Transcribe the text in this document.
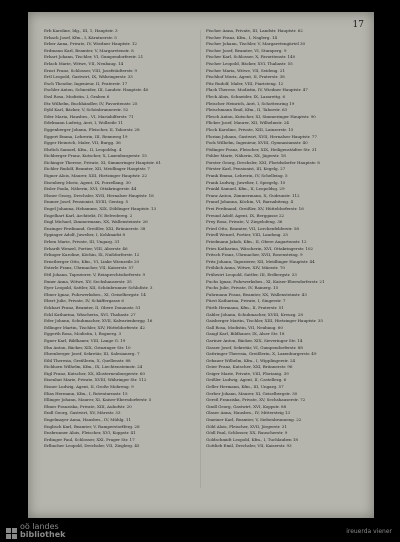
17
Erb Karoline, ldg., III, 1, Hauptstr. 3
Erbach Josef, Kfm., I, Kärntnerstr. 5
Erber Anna, Private, IV, Wiedner Hauptstr. 12
Erdmann Karl, Beamter, V, Margaretenstr. 8
Erhart Johann, Tischler, VI, Gumpendorferstr. 21
Erlach Marie, Witwe, VII, Neubaug. 14
Ernst Franz, Schlosser, VIII, Josefstädterstr. 9
Ertl Leopold, Gastwirt, IX, Währingerstr. 33
Esch Theodor, Ingenieur, II, Praterstr. 17
Eschler Anton, Schneider, III, Landstr. Hauptstr. 40
Essl Rosa, Modistin, I, Graben 6
Etz Wilhelm, Buchhändler, IV, Favoritenstr. 25
Eybl Karl, Bäcker, V, Schönbrunnerstr. 52
Eder Maria, Hausbes., VI, Mariahilferstr. 71
Edelmann Ludwig, Arzt, I, Wollzeile 11
Eggenberger Johann, Fleischer, II, Taborstr. 28
Eggert Emma, Lehrerin, III, Rennweg 19
Egger Heinrich, Maler, VII, Burgg. 36
Ehrlich Samuel, Kfm., II, Leopoldsg. 4
Eichberger Franz, Kutscher, X, Laxenburgerstr. 15
Eichinger Therese, Private, XI, Simmeringer Hauptstr. 61
Eichler Rudolf, Beamter, XII, Meidlinger Hauptstr. 7
Eigner Alois, Maurer, XIII, Hietzinger Hauptstr. 22
Eisenberg Moriz, Agent, IX, Porzellang. 30
Eisler Paula, Näherin, XVI, Ottakringerstr. 44
Elsner Georg, Drechsler, XVII, Hernalser Hauptstr. 18
Emmer Josef, Pensionist, XVIII, Gentzg. 5
Engel Johanna, Hebamme, XIX, Döblinger Hauptstr. 13
Engelhart Karl, Architekt, IV, Belvedereg. 2
Engl Michael, Zimmermann, XX, Wallensteinstr. 26
Enzinger Ferdinand, Greißler, XXI, Brünnerstr. 38
Eppinger Adolf, Juwelier, I, Kohlmarkt 8
Erben Marie, Private, III, Ungarg. 31
Erhardt Wenzel, Portier, VIII, Alserstr. 46
Erlinger Karoline, Köchin, IX, Nußdorferstr. 12
Ernstberger Otto, Kfm., VI, Linke Wienzeile 20
Esterle Franz, Uhrmacher, VII, Kaiserstr. 57
Ettl Johann, Tapezierer, V, Reinprechtsdorferstr. 9
Exner Anna, Witwe, XV, Sechshauserstr. 35
Eyer Leopold, Sattler, XII, Schönbrunner Schloßstr. 3
Ebner Ignaz, Fuhrwerksbes., XI, Geiselbergstr. 14
Ebert Julie, Private, IV, Schäffergasse 6
Eckhart Franz, Beamter, II, Obere Donaustr. 51
Eckl Katharina, Wäscherin, XVI, Thaliastr. 27
Eder Johann, Schuhmacher, XVII, Kalvarienbergg. 16
Edlinger Martin, Tischler, XIV, Hütteldorferstr. 42
Eggerth Rosa, Modistin, I, Bognerg. 3
Egner Karl, Bildhauer, VIII, Lange G. 19
Ehn Anton, Bäcker, XIX, Grinzinger Str. 10
Ehrenberger Josef, Sekretär, III, Salesianerg. 7
Eibl Theresia, Greißlerin, X, Quellenstr. 88
Eichhorn Wilhelm, Kfm., IX, Liechtensteinstr. 24
Eigl Franz, Kutscher, XX, Klosterneuburgerstr. 60
Eisenhut Marie, Private, XVIII, Währinger Str. 112
Eisner Ludwig, Agent, II, Große Mohreng. 9
Elias Hermann, Kfm., I, Rotenturmstr. 15
Ellinger Johann, Maurer, XI, Kaiser-Ebersdorferstr. 5
Elmer Franziska, Private, XIII, Auhofstr. 20
Endl Georg, Gastwirt, XV, Märzstr. 33
Engelmayer Anna, Hausbes., IV, Mühlg. 11
Englisch Karl, Beamter, V, Ramperstorfferg. 28
Ensbrunner Alois, Fleischer, XVI, Koppstr. 41
Erdinger Paul, Schlosser, XXI, Prager Str. 17
Erlbacher Leopold, Drechsler, VII, Zieglerg. 45
Fischer Anna, Private, III, Landstr. Hauptstr. 62
Fischer Franz, Kfm., I, Naglerg. 14
Fischer Johann, Tischler, V, Margaretengürtel 30
Fischer Josef, Beamter, VI, Stumperg. 9
Fischer Karl, Schlosser, X, Favoritenstr. 140
Fischer Leopold, Bäcker, XVI, Thaliastr. 55
Fischer Maria, Witwe, VII, Seideng. 21
Fischhof Moriz, Agent, II, Praterstr. 38
Fitz Rudolf, Maler, VIII, Piaristeng. 12
Flach Therese, Modistin, IV, Wiedner Hauptstr. 47
Fleck Alois, Schneider, IX, Lazarettg. 6
Fleischer Heinrich, Arzt, I, Schottenring 19
Fleischmann Emil, Kfm., II, Taborstr. 63
Flesch Anton, Kutscher, XI, Simmeringer Hauptstr. 90
Flicker Josef, Maurer, XII, Wilhelmstr. 24
Floch Karoline, Private, XIII, Lainzerstr. 15
Florian Johann, Gastwirt, XVII, Hernalser Hauptstr. 77
Fock Wilhelm, Ingenieur, XVIII, Gymnasiumstr. 40
Födinger Franz, Fleischer, XIX, Heiligenstädter Str. 31
Fohler Marie, Näherin, XX, Jägerstr. 18
Forster Georg, Drechsler, XXI, Floridsdorfer Hauptstr. 8
Förster Karl, Pensionist, III, Kegelg. 27
Frank Emma, Lehrerin, IV, Schelleing. 5
Frank Ludwig, Juwelier, I, Spiegelg. 10
Frankl Samuel, Kfm., II, Leopoldsg. 29
Franz Anton, Zimmermann, X, Gudrunstr. 112
Franzl Johanna, Köchin, VI, Barnabiteng. 4
Frei Ferdinand, Greißler, XV, Hütteldorferstr. 16
Freund Adolf, Agent, IX, Berggasse 22
Frey Rosa, Private, V, Ziegelofeng. 36
Fried Otto, Beamter, VII, Lerchenfelderstr. 58
Friedl Wenzel, Portier, VIII, Laudong. 25
Friedmann Jakob, Kfm., II, Obere Augartenstr. 12
Fries Katharina, Wäscherin, XVI, Ottakringerstr. 102
Fritsch Franz, Uhrmacher, XVII, Rosensteing. 9
Fritz Johann, Tapezierer, XII, Meidlinger Hauptstr. 44
Fröhlich Anna, Witwe, XIV, Märzstr. 70
Frühwirt Leopold, Sattler, III, Erdbergstr. 33
Fuchs Ignaz, Fuhrwerksbes., XI, Kaiser-Ebersdorferstr. 21
Fuchs Julie, Private, IV, Rainerg. 15
Fuhrmann Franz, Beamter, XX, Wallensteinstr. 43
Fürst Katharina, Private, I, Singerstr. 7
Fürth Hermann, Kfm., II, Praterstr. 51
Gabler Johann, Schuhmacher, XVIII, Kreuzg. 28
Gaisberger Martin, Tischler, XIII, Hietzinger Hauptstr. 35
Gall Rosa, Modistin, VII, Neubaug. 60
Gangl Karl, Bildhauer, IX, Alser Str. 18
Gartner Anton, Bäcker, XIX, Sieveringer Str. 14
Gasser Josef, Sekretär, VI, Gumpendorferstr. 88
Gattringer Theresia, Greißlerin, X, Laxenburgerstr. 49
Gebauer Wilhelm, Kfm., I, Wipplingerstr. 24
Geier Franz, Kutscher, XXI, Brünnerstr. 96
Geiger Marie, Private, VIII, Florianig. 39
Geißler Ludwig, Agent, II, Castellezg. 6
Geller Hermann, Kfm., III, Ungarg. 57
Gerber Johann, Maurer, XI, Geiselbergstr. 30
Gerstl Franziska, Private, XV, Sechshauserstr. 72
Gindl Georg, Gastwirt, XVI, Koppstr. 88
Glaser Anna, Hausbes., IV, Mittersteig 13
Gmeiner Karl, Beamter, V, Siebenbrunneng. 22
Göbl Alois, Fleischer, XVII, Jörgerstr. 31
Gödl Paul, Schlosser, XX, Rauscherstr. 9
Goldschmidt Leopold, Kfm., I, Tuchlauben 18
Gottlieb Emil, Drechsler, VII, Kaiserstr. 93
oö landes
bibliothek	ireuerda viener
